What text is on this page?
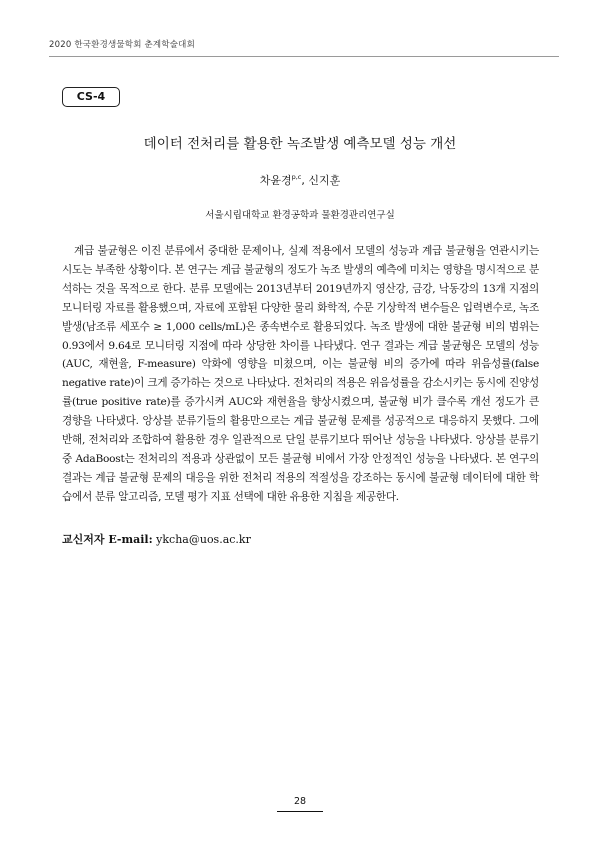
2020 한국환경생물학회 춘계학술대회
CS-4
데이터 전처리를 활용한 녹조발생 예측모델 성능 개선
차윤경$^{p,c}$, 신지훈
서울시립대학교 환경공학과 물환경관리연구실

계급 불균형은 이진 분류에서 중대한 문제이나, 실제 적용에서 모델의 성능과 계급 불균형을 연관시키는 시도는 부족한 상황이다. 본 연구는 계급 불균형의 정도가 녹조 발생의 예측에 미치는 영향을 명시적으로 분석하는 것을 목적으로 한다. 분류 모델에는 2013년부터 2019년까지 영산강, 금강, 낙동강의 13개 지점의 모니터링 자료를 활용했으며, 자료에 포함된 다양한 물리 화학적, 수문 기상학적 변수들은 입력변수로, 녹조 발생(남조류 세포수 ≥ 1,000 cells/mL)은 종속변수로 활용되었다. 녹조 발생에 대한 불균형 비의 범위는 0.93에서 9.64로 모니터링 지점에 따라 상당한 차이를 나타냈다. 연구 결과는 계급 불균형은 모델의 성능(AUC, 재현율, F-measure) 악화에 영향을 미쳤으며, 이는 불균형 비의 증가에 따라 위음성률(false negative rate)이 크게 증가하는 것으로 나타났다. 전처리의 적용은 위음성률을 감소시키는 동시에 진양성률(true positive rate)를 증가시켜 AUC와 재현율을 향상시켰으며, 불균형 비가 클수록 개선 정도가 큰 경향을 나타냈다. 앙상블 분류기들의 활용만으로는 계급 불균형 문제를 성공적으로 대응하지 못했다. 그에 반해, 전처리와 조합하여 활용한 경우 일관적으로 단일 분류기보다 뛰어난 성능을 나타냈다. 앙상블 분류기 중 AdaBoost는 전처리의 적용과 상관없이 모든 불균형 비에서 가장 안정적인 성능을 나타냈다. 본 연구의 결과는 계급 불균형 문제의 대응을 위한 전처리 적용의 적절성을 강조하는 동시에 불균형 데이터에 대한 학습에서 분류 알고리즘, 모델 평가 지표 선택에 대한 유용한 지침을 제공한다.

교신저자 E-mail: ykcha@uos.ac.kr
28
